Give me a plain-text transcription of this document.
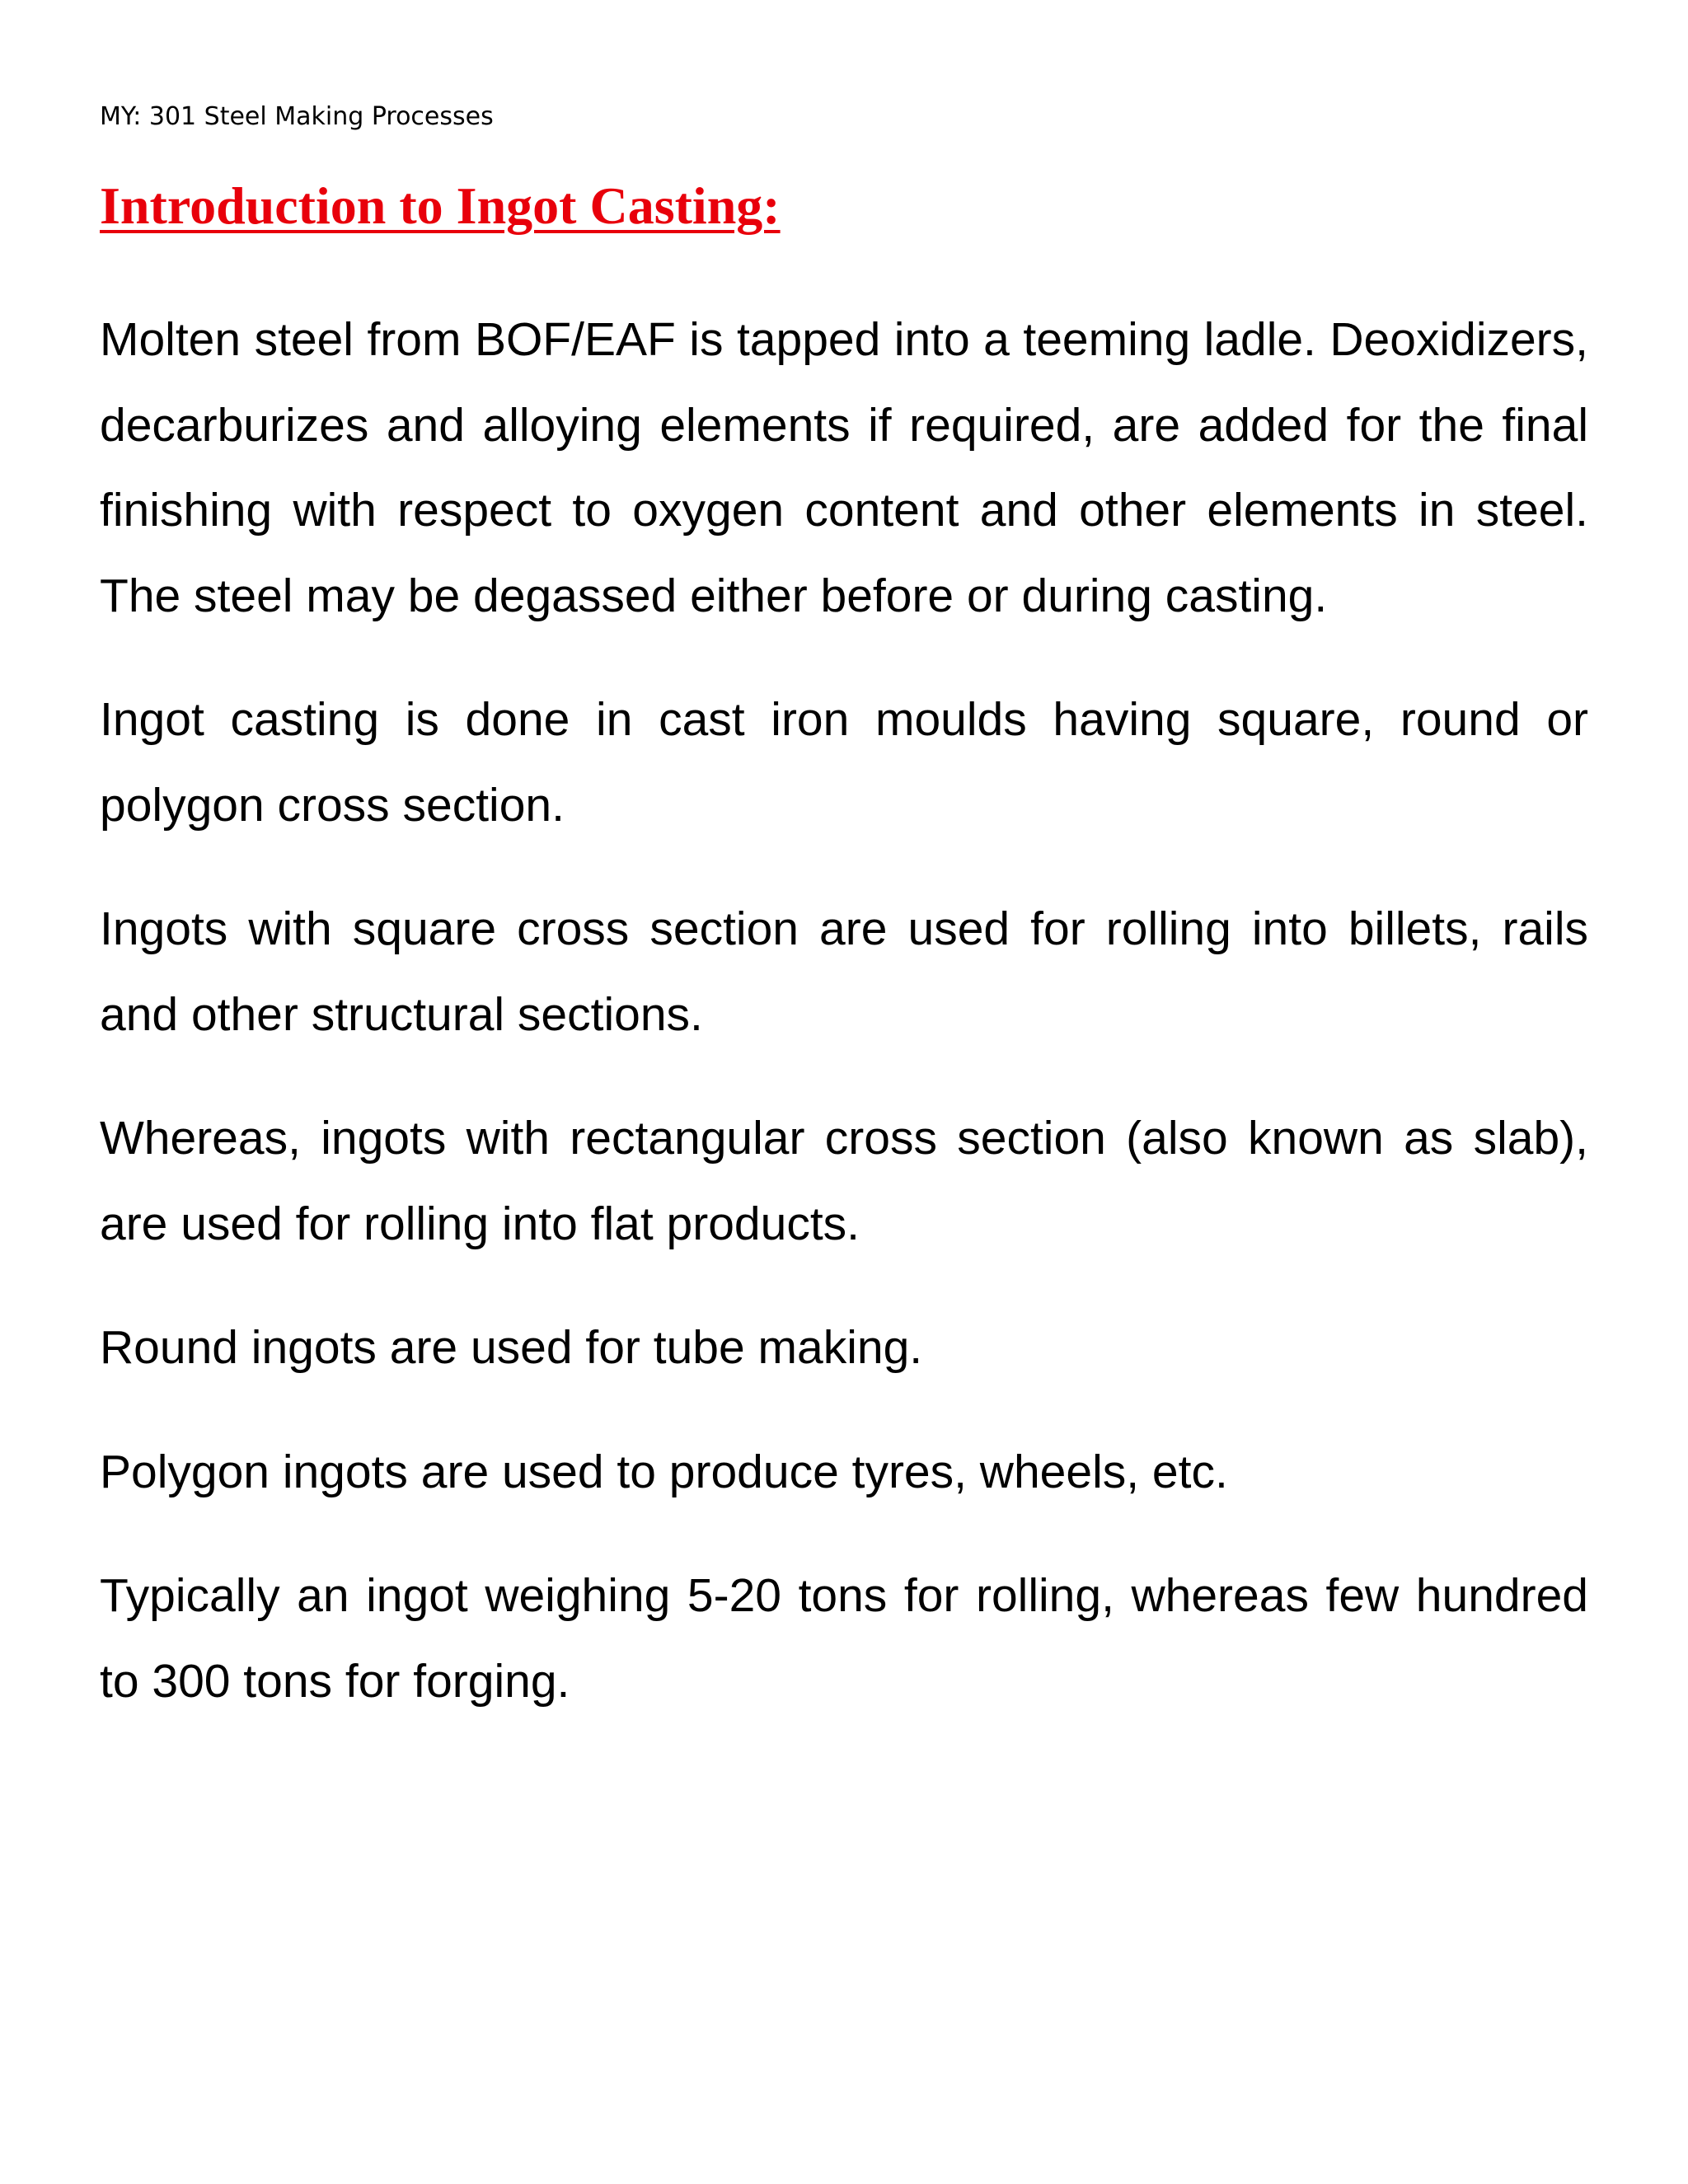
MY: 301 Steel Making Processes
Introduction to Ingot Casting:

Molten steel from BOF/EAF is tapped into a teeming ladle. Deoxidizers, decarburizes and alloying elements if required, are added for the final finishing with respect to oxygen content and other elements in steel. The steel may be degassed either before or during casting.

Ingot casting is done in cast iron moulds having square, round or polygon cross section.

Ingots with square cross section are used for rolling into billets, rails and other structural sections.

Whereas, ingots with rectangular cross section (also known as slab), are used for rolling into flat products.

Round ingots are used for tube making.

Polygon ingots are used to produce tyres, wheels, etc.

Typically an ingot weighing 5-20 tons for rolling, whereas few hundred to 300 tons for forging.
